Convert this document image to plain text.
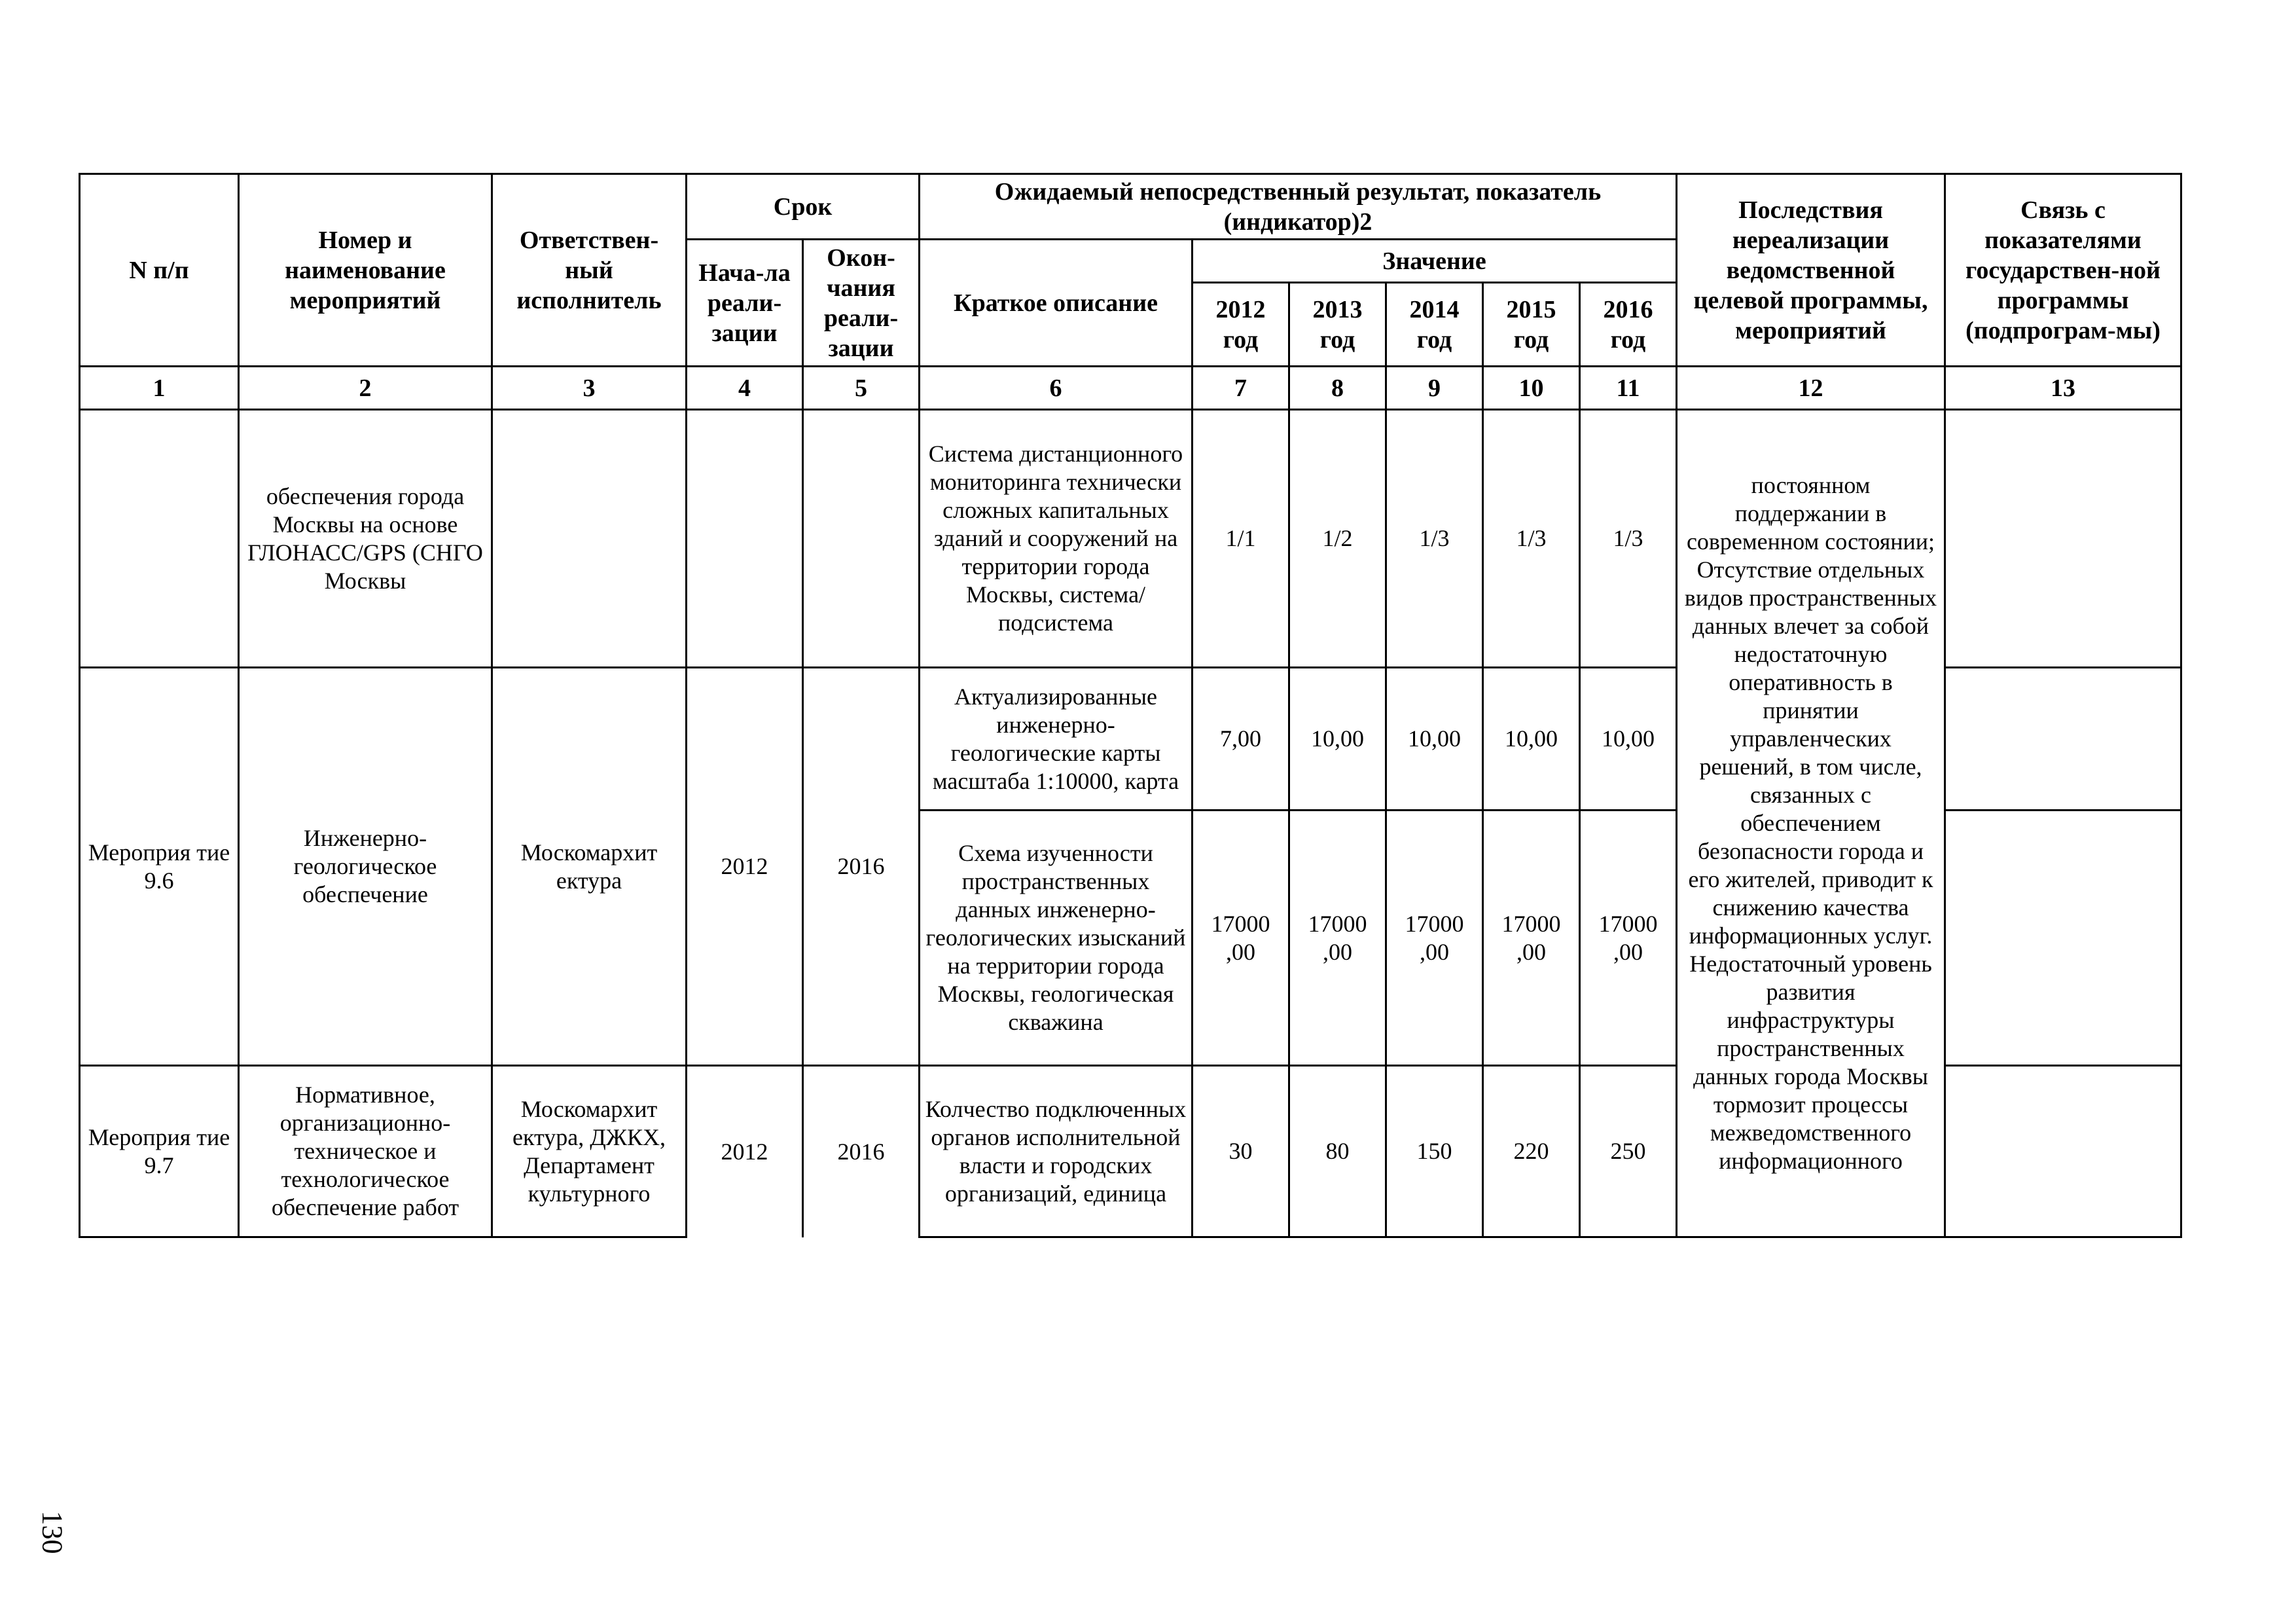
N п/п	Номер и наименование мероприятий	Ответствен-ный исполнитель	Срок		Ожидаемый непосредственный результат, показатель (индикатор)2						Последствия нереализации ведомственной целевой программы, мероприятий	Связь с показателями государствен-ной программы (подпрограм-мы)
			Нача-ла реали-зации	Окон-чания реали-зации	Краткое описание	Значение						
						2012 год	2013 год	2014 год	2015 год	2016 год		
1	2	3	4	5	6	7	8	9	10	11	12	13
	обеспечения города Москвы на основе ГЛОНАСС/GPS (СНГО Москвы				Система дистанционного мониторинга технически сложных капитальных зданий и сооружений на территории города Москвы, система/подсистема	1/1	1/2	1/3	1/3	1/3	постоянном поддержании в современном состоянии; Отсутствие отдельных видов пространственных данных влечет за собой недостаточную оперативность в принятии управленческих решений, в том числе, связанных с обеспечением безопасности города и его жителей, приводит к снижению качества информационных услуг. Недостаточный уровень развития инфраструктуры пространственных данных города Москвы тормозит процессы межведомственного информационного	
Мероприя тие 9.6	Инженерно-геологическое обеспечение	Москомархит ектура	2012	2016	Актуализированные инженерно-геологические карты масштаба 1:10000, карта	7,00	10,00	10,00	10,00	10,00		
					Схема изученности пространственных данных инженерно-геологических изысканий на территории города Москвы, геологическая скважина	17000 ,00	17000 ,00	17000 ,00	17000 ,00	17000 ,00		
Мероприя тие 9.7	Нормативное, организационно-техническое и технологическое обеспечение работ	Москомархит ектура, ДЖКХ, Департамент культурного	2012	2016	Колчество подключенных органов исполнительной власти и городских организаций, единица	30	80	150	220	250		
130
